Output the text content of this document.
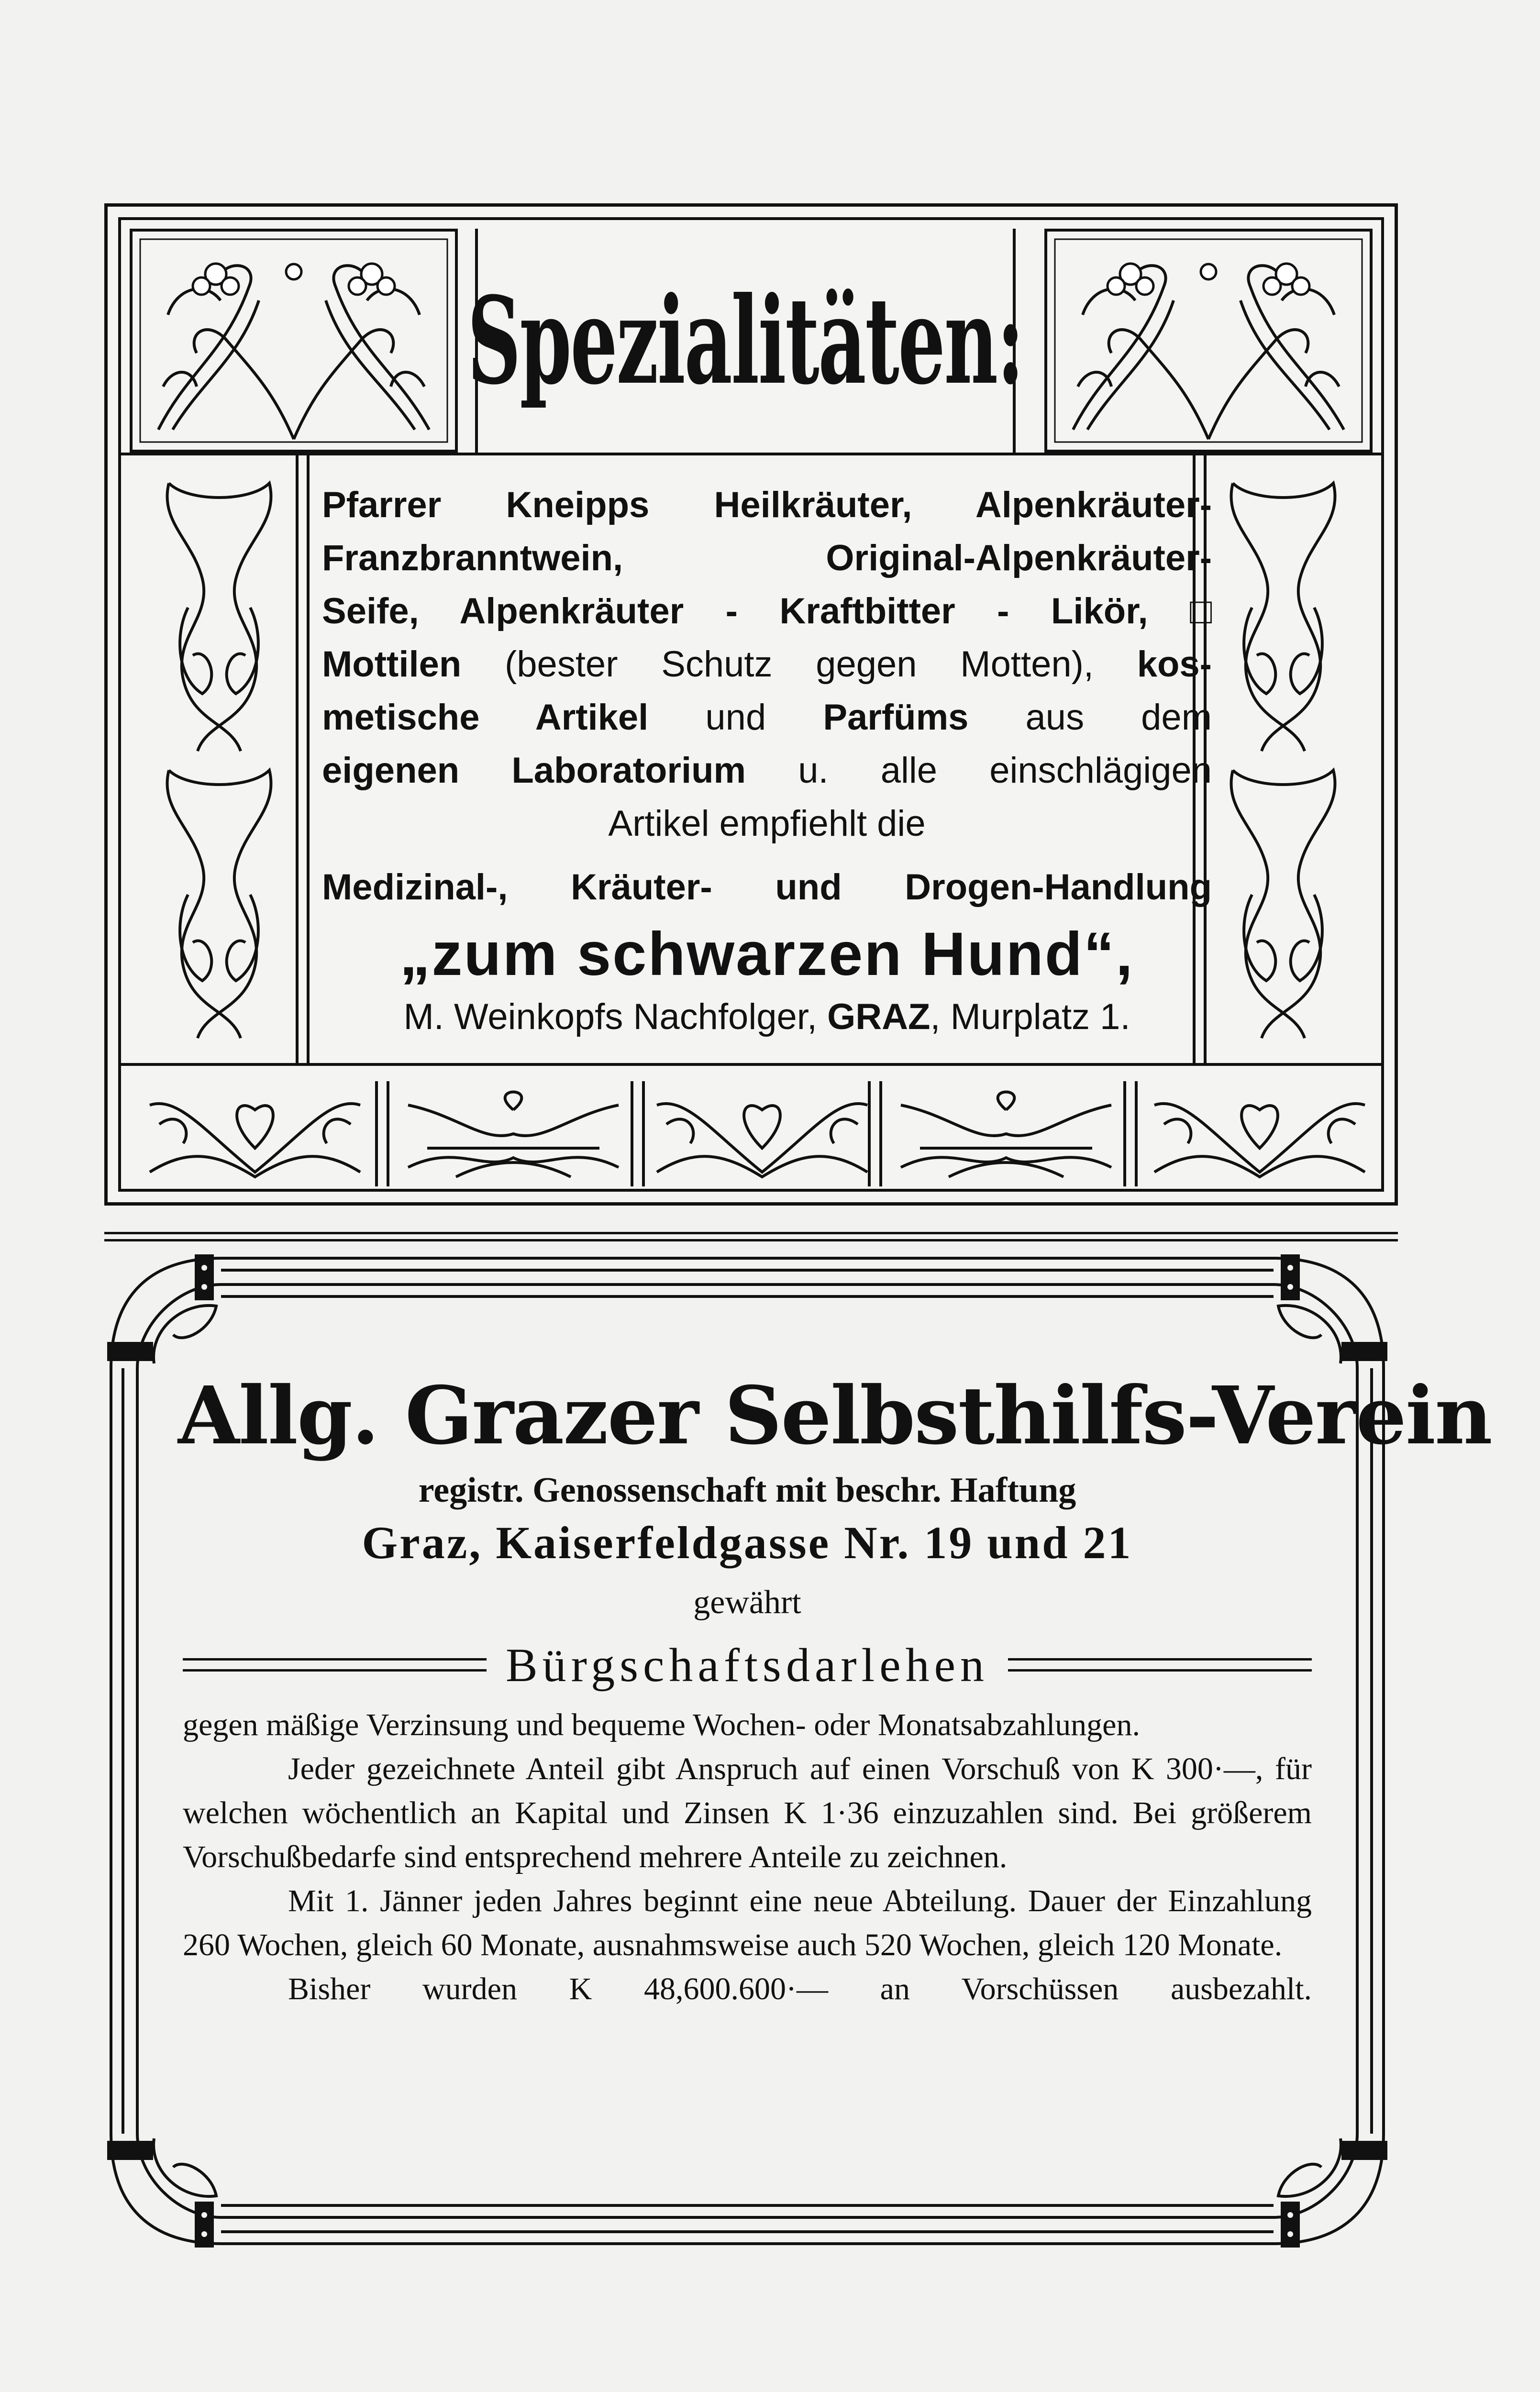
Spezialitäten:

Pfarrer Kneipps Heilkräuter, Alpenkräuter-

Franzbranntwein, Original-Alpenkräuter-

Seife, Alpenkräuter - Kraftbitter - Likör, □

Mottilen (bester Schutz gegen Motten), kos-

metische Artikel und Parfüms aus dem

eigenen Laboratorium u. alle einschlägigen

Artikel empfiehlt die

Medizinal-, Kräuter- und Drogen-Handlung

„zum schwarzen Hund“,

M. Weinkopfs Nachfolger, GRAZ, Murplatz 1.

Allg. Grazer Selbsthilfs-Verein
registr. Genossenschaft mit beschr. Haftung
Graz, Kaiserfeldgasse Nr. 19 und 21
gewährt
Bürgschaftsdarlehen

gegen mäßige Verzinsung und bequeme Wochen- oder Monatsabzahlungen.

Jeder gezeichnete Anteil gibt Anspruch auf einen Vorschuß von K 300·—, für welchen wöchentlich an Kapital und Zinsen K 1·36 einzuzahlen sind. Bei größerem Vorschußbedarfe sind entsprechend mehrere Anteile zu zeichnen.

Mit 1. Jänner jeden Jahres beginnt eine neue Abteilung. Dauer der Einzahlung 260 Wochen, gleich 60 Monate, ausnahmsweise auch 520 Wochen, gleich 120 Monate.

Bisher wurden K 48,600.600·— an Vorschüssen ausbezahlt.
